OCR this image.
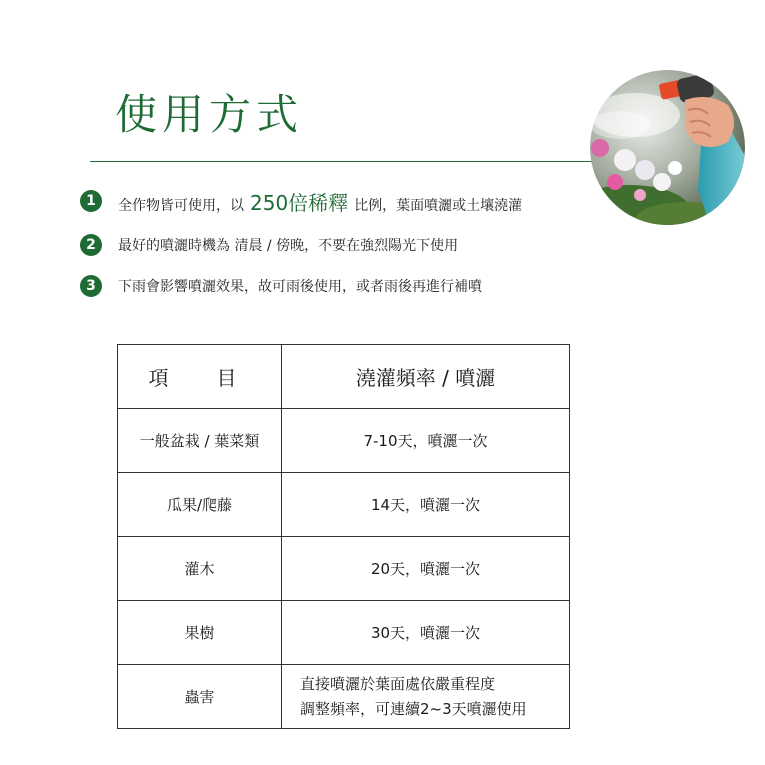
使用方式
1	全作物皆可使用，以 250倍稀釋 比例，葉面噴灑或土壤澆灌
2	最好的噴灑時機為 清晨 / 傍晚，不要在強烈陽光下使用
3	下雨會影響噴灑效果，故可雨後使用，或者雨後再進行補噴
項　目	澆灌頻率 / 噴灑
一般盆栽 / 葉菜類	7-10天，噴灑一次
瓜果/爬藤	14天，噴灑一次
灌木	20天，噴灑一次
果樹	30天，噴灑一次
蟲害	直接噴灑於葉面處依嚴重程度
調整頻率，可連續2~3天噴灑使用
